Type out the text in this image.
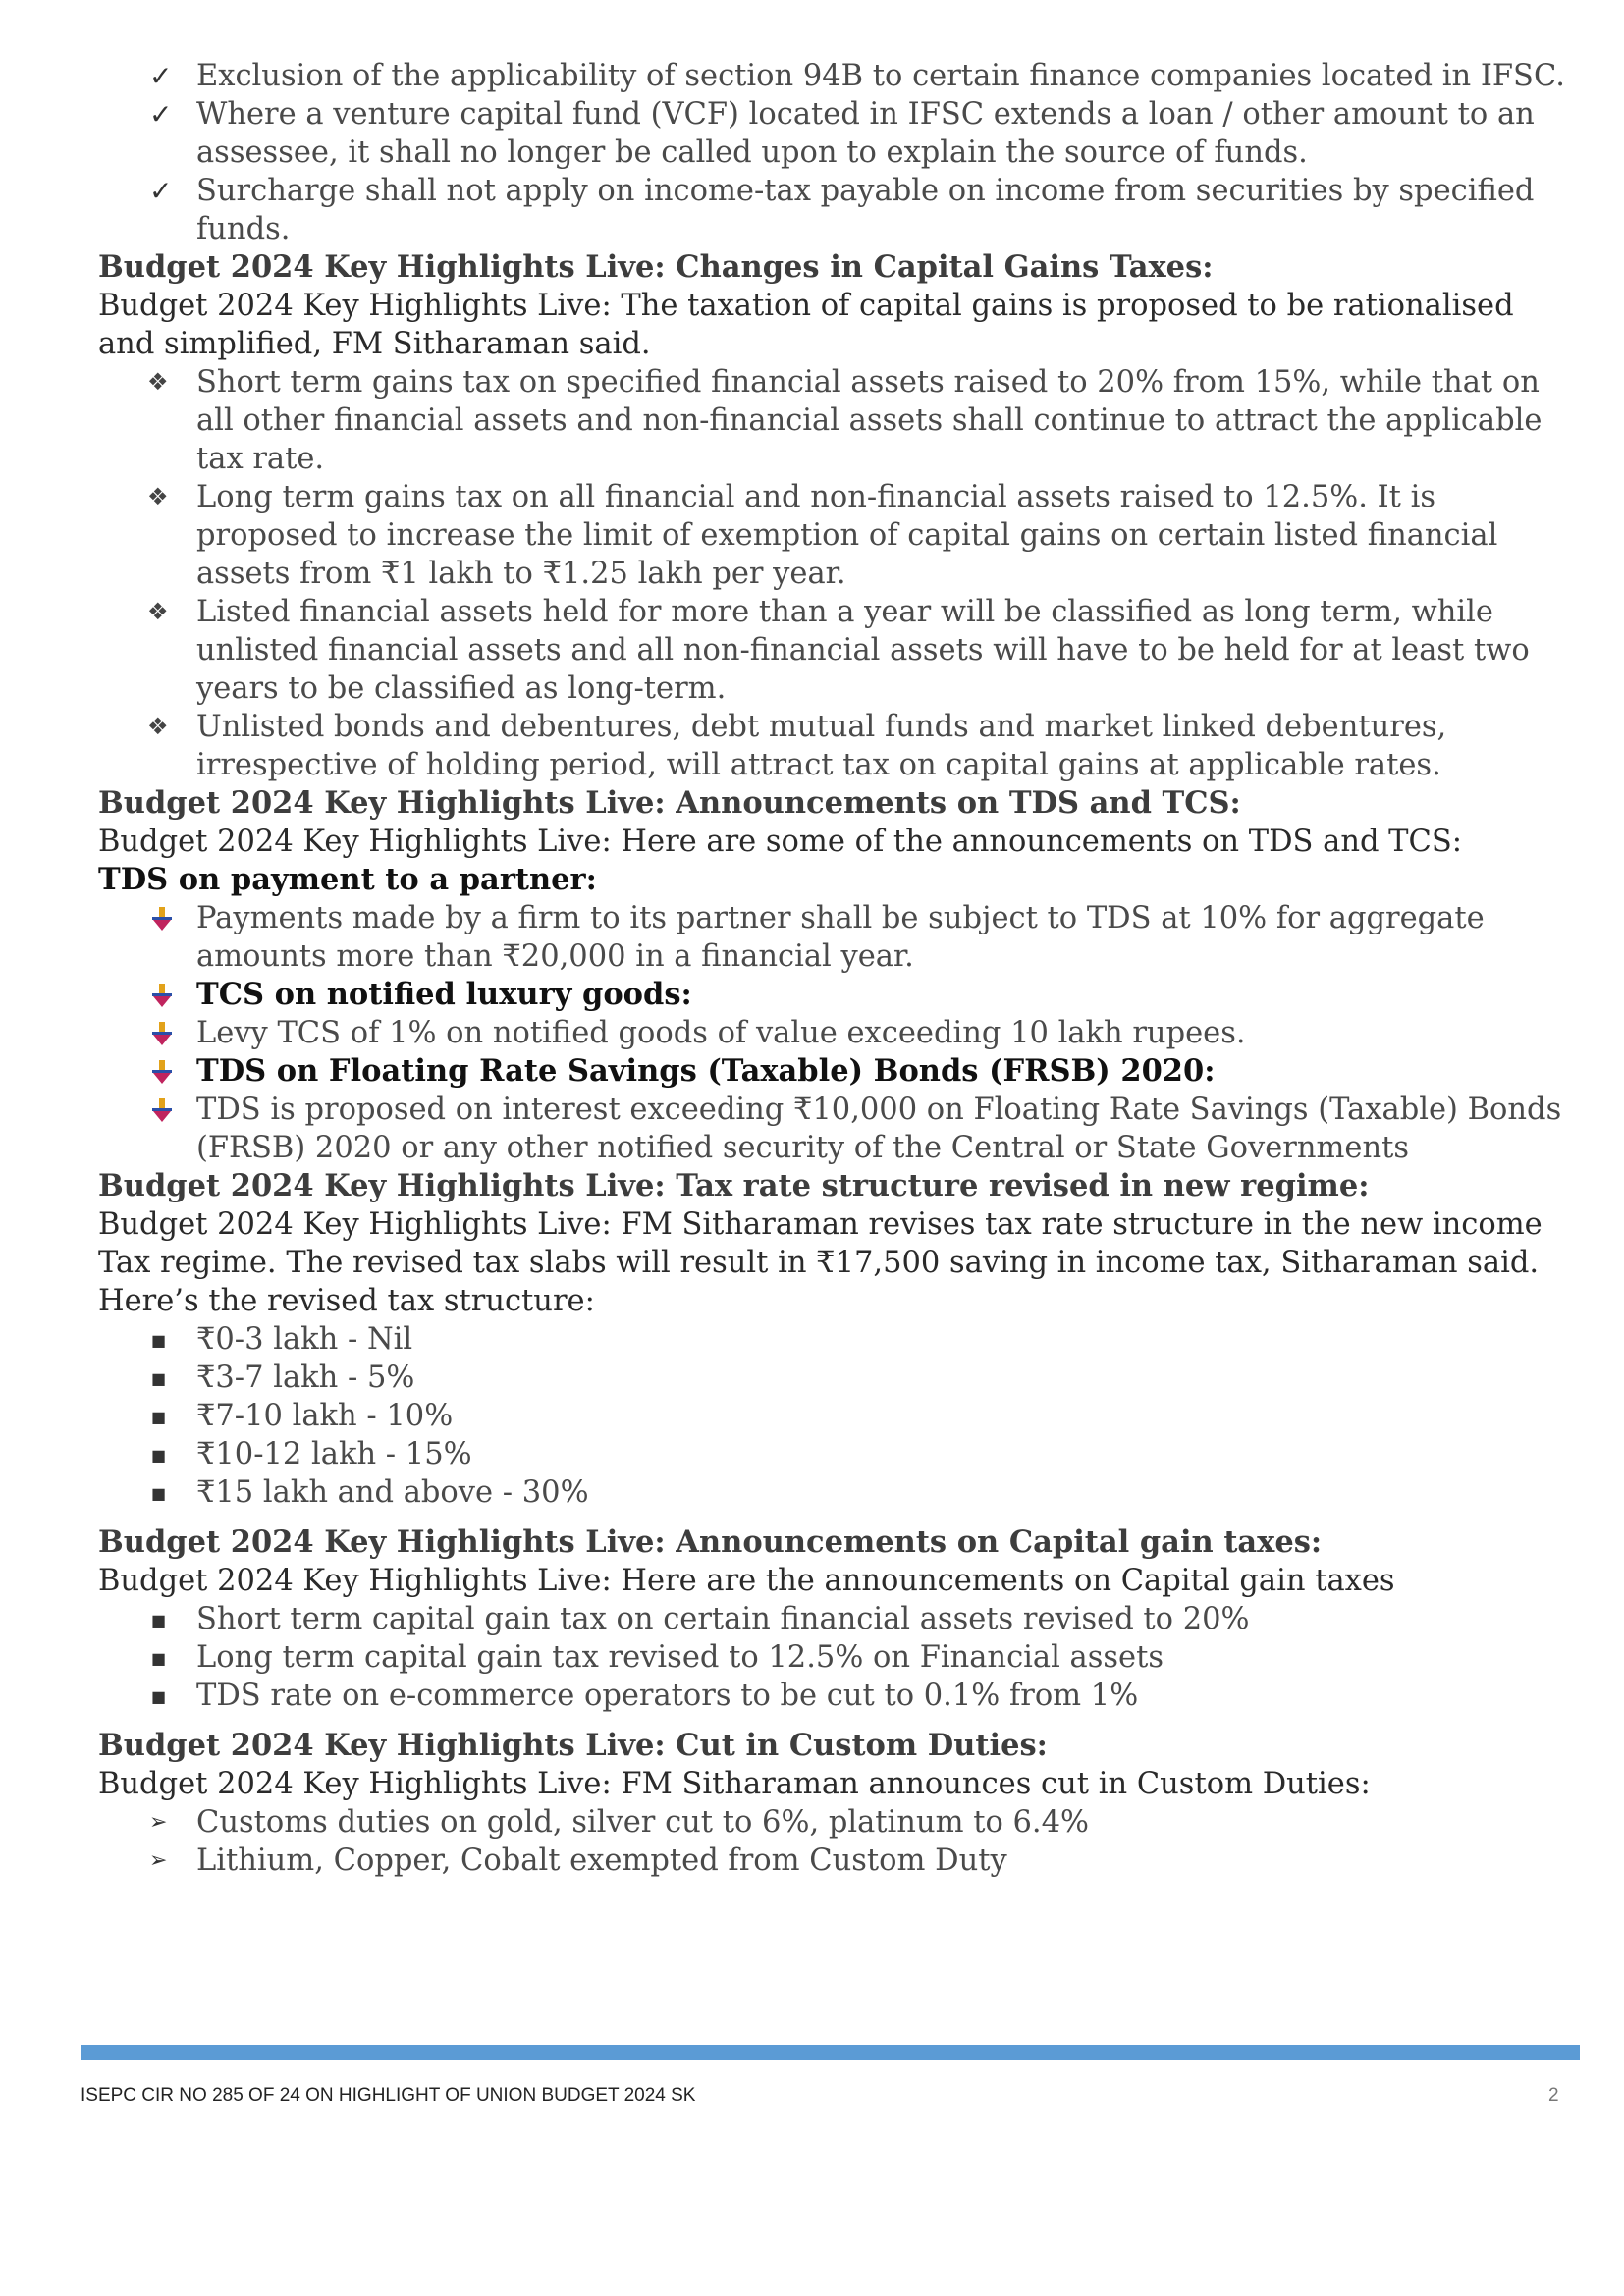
✓ Exclusion of the applicability of section 94B to certain finance companies located in IFSC.

✓ Where a venture capital fund (VCF) located in IFSC extends a loan / other amount to an assessee, it shall no longer be called upon to explain the source of funds.

✓ Surcharge shall not apply on income-tax payable on income from securities by specified funds.

Budget 2024 Key Highlights Live: Changes in Capital Gains Taxes:

Budget 2024 Key Highlights Live: The taxation of capital gains is proposed to be rationalised and simplified, FM Sitharaman said.

❖ Short term gains tax on specified financial assets raised to 20% from 15%, while that on all other financial assets and non-financial assets shall continue to attract the applicable tax rate.

❖ Long term gains tax on all financial and non-financial assets raised to 12.5%. It is proposed to increase the limit of exemption of capital gains on certain listed financial assets from ₹1 lakh to ₹1.25 lakh per year.

❖ Listed financial assets held for more than a year will be classified as long term, while unlisted financial assets and all non-financial assets will have to be held for at least two years to be classified as long-term.

❖ Unlisted bonds and debentures, debt mutual funds and market linked debentures, irrespective of holding period, will attract tax on capital gains at applicable rates.

Budget 2024 Key Highlights Live: Announcements on TDS and TCS:

Budget 2024 Key Highlights Live: Here are some of the announcements on TDS and TCS:

TDS on payment to a partner:

Payments made by a firm to its partner shall be subject to TDS at 10% for aggregate amounts more than ₹20,000 in a financial year.

TCS on notified luxury goods:

Levy TCS of 1% on notified goods of value exceeding 10 lakh rupees.

TDS on Floating Rate Savings (Taxable) Bonds (FRSB) 2020:

TDS is proposed on interest exceeding ₹10,000 on Floating Rate Savings (Taxable) Bonds (FRSB) 2020 or any other notified security of the Central or State Governments

Budget 2024 Key Highlights Live: Tax rate structure revised in new regime:

Budget 2024 Key Highlights Live: FM Sitharaman revises tax rate structure in the new income Tax regime. The revised tax slabs will result in ₹17,500 saving in income tax, Sitharaman said. Here’s the revised tax structure:

■	₹0-3 lakh - Nil

■	₹3-7 lakh - 5%

■	₹7-10 lakh - 10%

■	₹10-12 lakh - 15%

■	₹15 lakh and above - 30%

Budget 2024 Key Highlights Live: Announcements on Capital gain taxes:

Budget 2024 Key Highlights Live: Here are the announcements on Capital gain taxes

■	Short term capital gain tax on certain financial assets revised to 20%

■	Long term capital gain tax revised to 12.5% on Financial assets

■	TDS rate on e-commerce operators to be cut to 0.1% from 1%

Budget 2024 Key Highlights Live: Cut in Custom Duties:

Budget 2024 Key Highlights Live: FM Sitharaman announces cut in Custom Duties:

➢ Customs duties on gold, silver cut to 6%, platinum to 6.4%

➢ Lithium, Copper, Cobalt exempted from Custom Duty

ISEPC CIR NO 285 OF 24 ON HIGHLIGHT OF UNION BUDGET 2024 SK	2
